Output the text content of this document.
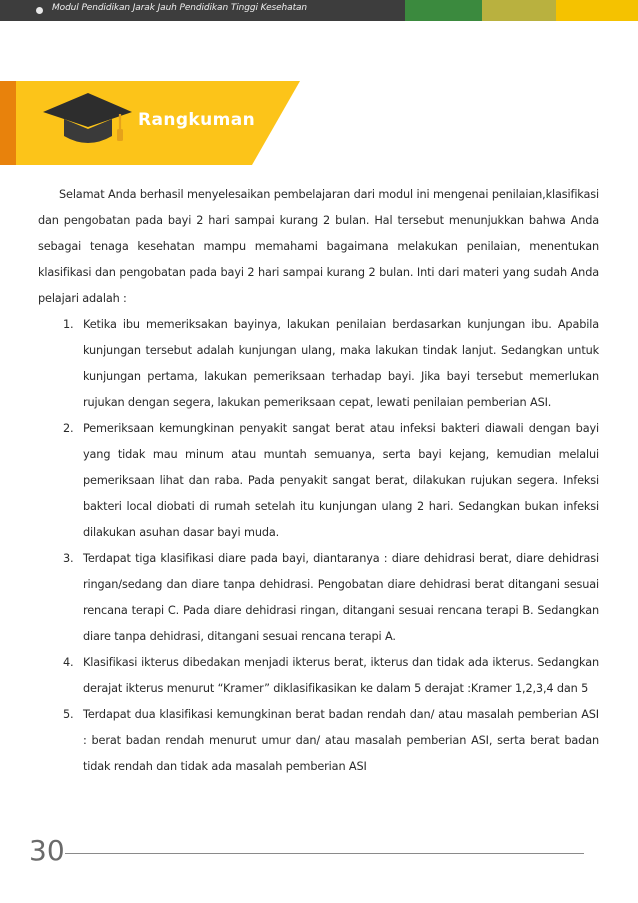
Modul Pendidikan Jarak Jauh Pendidikan Tinggi Kesehatan
Rangkuman

Selamat Anda berhasil menyelesaikan pembelajaran dari modul ini mengenai penilaian,klasifikasi dan pengobatan pada bayi 2 hari sampai kurang 2 bulan. Hal tersebut menunjukkan bahwa Anda sebagai tenaga kesehatan mampu memahami bagaimana melakukan penilaian, menentukan klasifikasi dan pengobatan pada bayi 2 hari sampai kurang 2 bulan. Inti dari materi yang sudah Anda pelajari adalah :

1. Ketika ibu memeriksakan bayinya, lakukan penilaian berdasarkan kunjungan ibu. Apabila kunjungan tersebut adalah kunjungan ulang, maka lakukan tindak lanjut. Sedangkan untuk kunjungan pertama, lakukan pemeriksaan terhadap bayi. Jika bayi tersebut memerlukan rujukan dengan segera, lakukan pemeriksaan cepat, lewati penilaian pemberian ASI.
2. Pemeriksaan kemungkinan penyakit sangat berat atau infeksi bakteri diawali dengan bayi yang tidak mau minum atau muntah semuanya, serta bayi kejang, kemudian melalui pemeriksaan lihat dan raba. Pada penyakit sangat berat, dilakukan rujukan segera. Infeksi bakteri local diobati di rumah setelah itu kunjungan ulang 2 hari. Sedangkan bukan infeksi dilakukan asuhan dasar bayi muda.
3. Terdapat tiga klasifikasi diare pada bayi, diantaranya : diare dehidrasi berat, diare dehidrasi ringan/sedang dan diare tanpa dehidrasi. Pengobatan diare dehidrasi berat ditangani sesuai rencana terapi C. Pada diare dehidrasi ringan, ditangani sesuai rencana terapi B. Sedangkan diare tanpa dehidrasi, ditangani sesuai rencana terapi A.
4. Klasifikasi ikterus dibedakan menjadi ikterus berat, ikterus dan tidak ada ikterus. Sedangkan derajat ikterus menurut “Kramer” diklasifikasikan ke dalam 5 derajat :Kramer 1,2,3,4 dan 5
5. Terdapat dua klasifikasi kemungkinan berat badan rendah dan/ atau masalah pemberian ASI : berat badan rendah menurut umur dan/ atau masalah pemberian ASI, serta berat badan tidak rendah dan tidak ada masalah pemberian ASI
30
